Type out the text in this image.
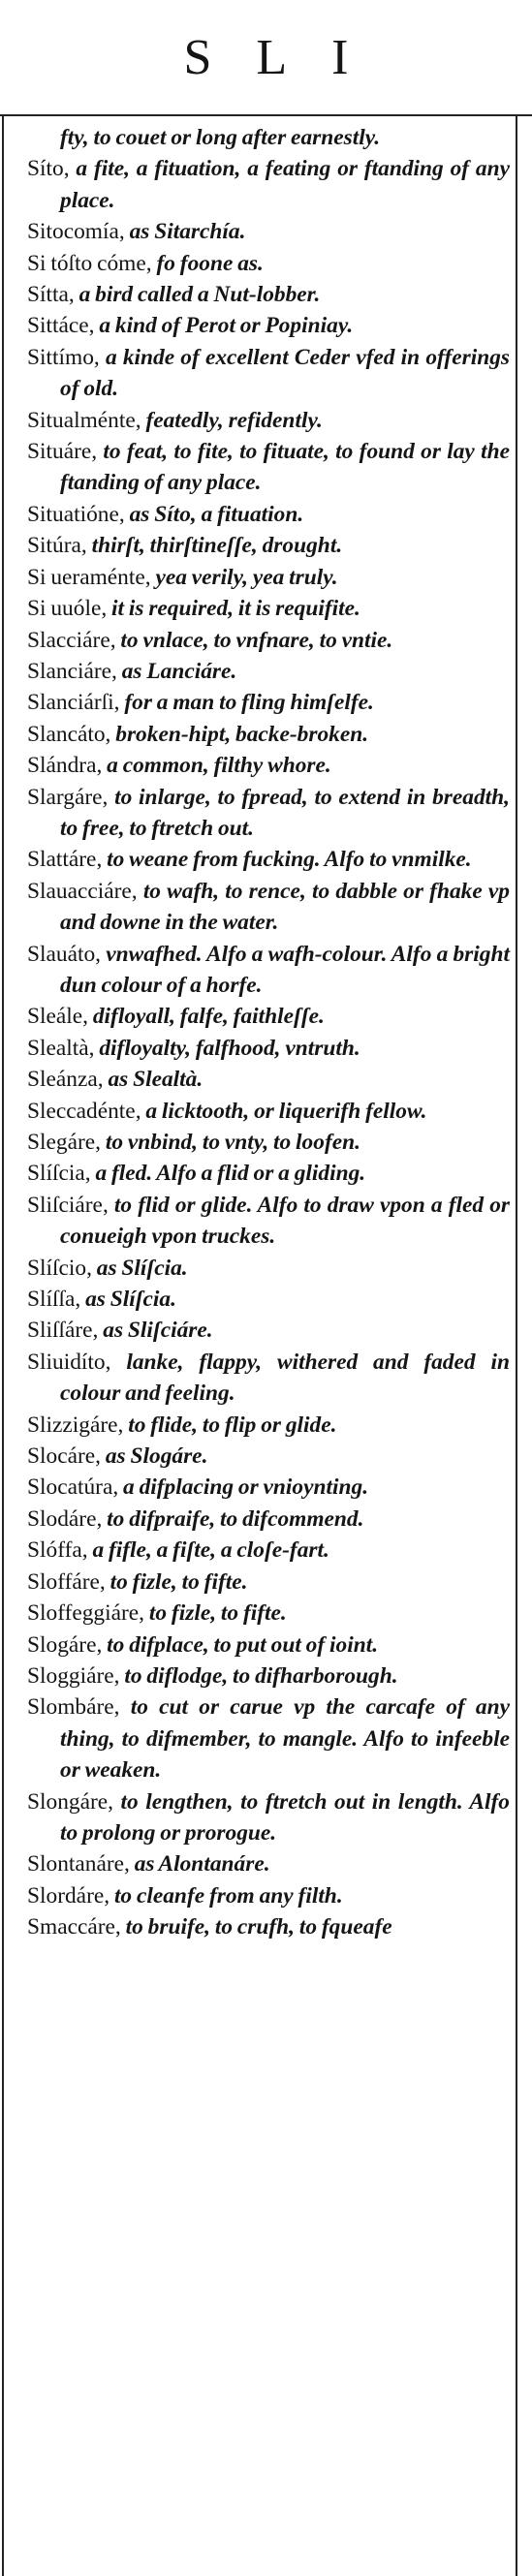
SLI
fty, to couet or long after earnestly.
Síto, a fite, a fituation, a feating or ftanding of any place.
Sitocomía, as Sitarchía.
Si tóſto cóme, fo foone as.
Sítta, a bird called a Nut-lobber.
Sittáce, a kind of Perot or Popiniay.
Sittímo, a kinde of excellent Ceder vfed in offerings of old.
Situalménte, featedly, refidently.
Situáre, to feat, to fite, to fituate, to found or lay the ftanding of any place.
Situatióne, as Síto, a fituation.
Sitúra, thirſt, thirſtineſſe, drought.
Si ueraménte, yea verily, yea truly.
Si uuóle, it is required, it is requifite.
Slacciáre, to vnlace, to vnfnare, to vntie.
Slanciáre, as Lanciáre.
Slanciárſi, for a man to fling himſelfe.
Slancáto, broken-hipt, backe-broken.
Slándra, a common, filthy whore.
Slargáre, to inlarge, to fpread, to extend in breadth, to free, to ftretch out.
Slattáre, to weane from fucking. Alfo to vnmilke.
Slauacciáre, to wafh, to rence, to dabble or fhake vp and downe in the water.
Slauáto, vnwafhed. Alfo a wafh-colour. Alfo a bright dun colour of a horfe.
Sleále, difloyall, falfe, faithleſſe.
Slealtà, difloyalty, falfhood, vntruth.
Sleánza, as Slealtà.
Sleccadénte, a licktooth, or liquerifh fellow.
Slegáre, to vnbind, to vnty, to loofen.
Slíſcia, a fled. Alfo a flid or a gliding.
Sliſciáre, to flid or glide. Alfo to draw vpon a fled or conueigh vpon truckes.
Slíſcio, as Slíſcia.
Slíſſa, as Slíſcia.
Sliſſáre, as Sliſciáre.
Sliuidíto, lanke, flappy, withered and faded in colour and feeling.
Slizzigáre, to flide, to flip or glide.
Slocáre, as Slogáre.
Slocatúra, a difplacing or vnioynting.
Slodáre, to difpraife, to difcommend.
Slóffa, a fifle, a fiſte, a cloſe-fart.
Sloffáre, to fizle, to fifte.
Sloffeggiáre, to fizle, to fifte.
Slogáre, to difplace, to put out of ioint.
Sloggiáre, to diflodge, to difharborough.
Slombáre, to cut or carue vp the carcafe of any thing, to difmember, to mangle. Alfo to infeeble or weaken.
Slongáre, to lengthen, to ftretch out in length. Alfo to prolong or prorogue.
Slontanáre, as Alontanáre.
Slordáre, to cleanfe from any filth.
Smaccáre, to bruife, to crufh, to fqueafe
